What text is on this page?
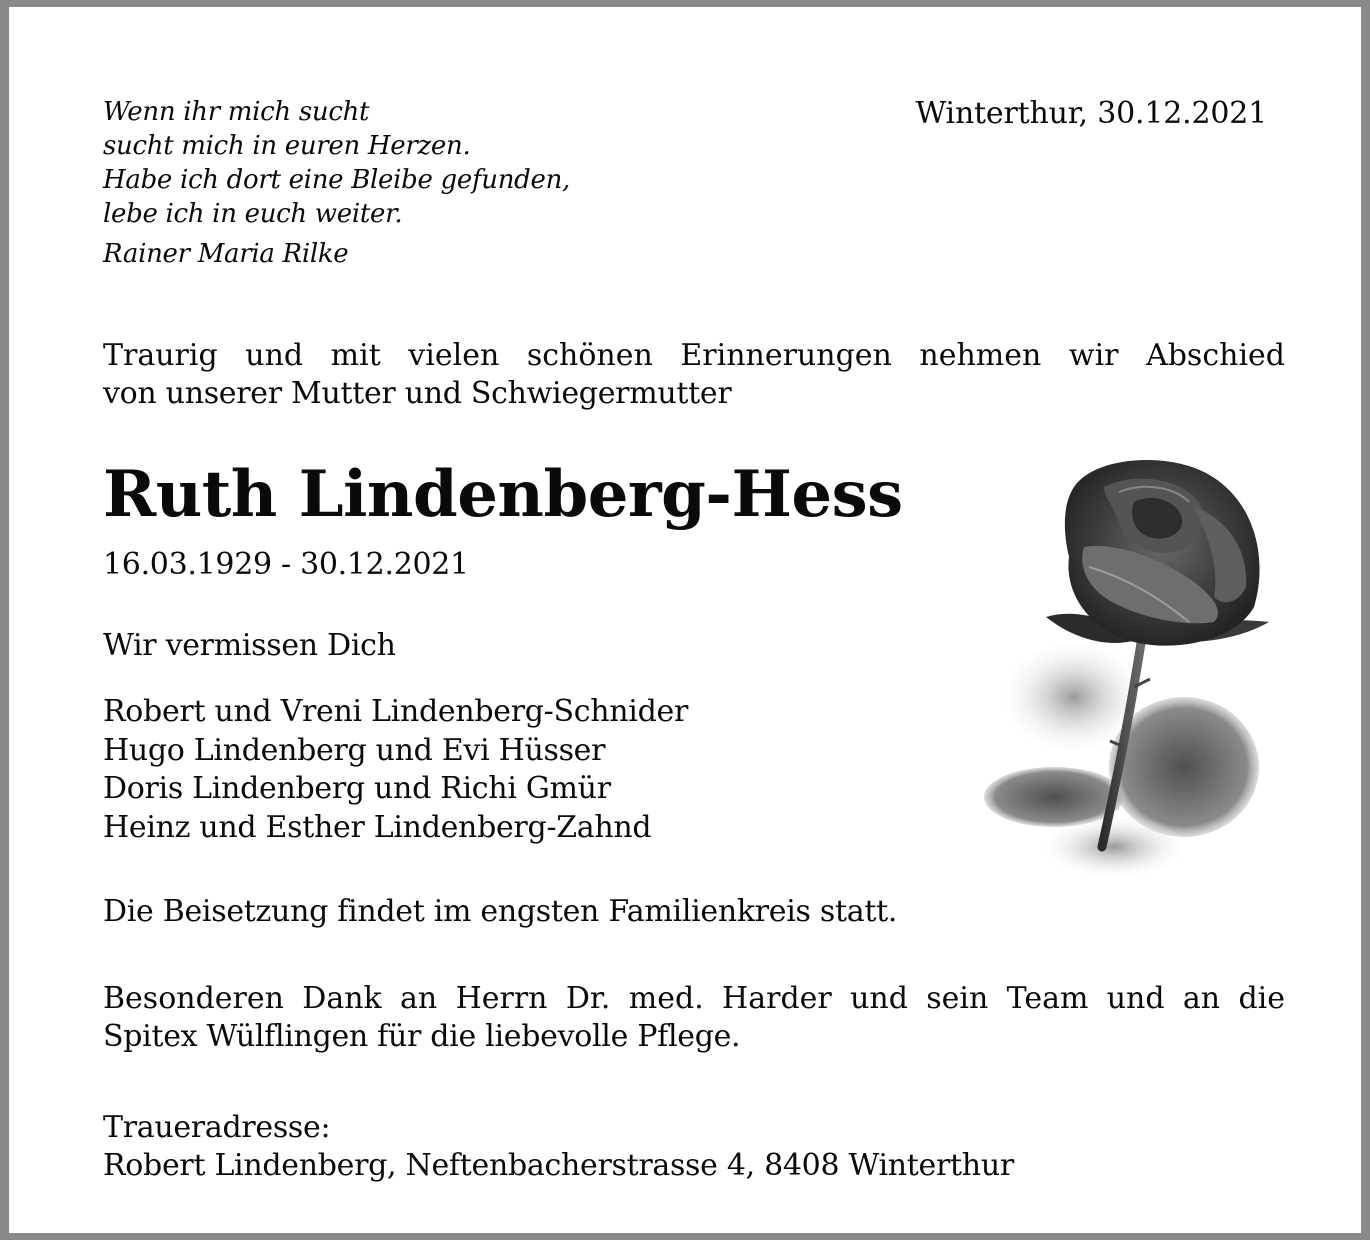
Wenn ihr mich sucht
sucht mich in euren Herzen.
Habe ich dort eine Bleibe gefunden,
lebe ich in euch weiter.
Rainer Maria Rilke
Winterthur, 30.12.2021
Traurig und mit vielen schönen Erinnerungen nehmen wir Abschied
von unserer Mutter und Schwiegermutter
Ruth Lindenberg-Hess
16.03.1929 - 30.12.2021
Wir vermissen Dich
Robert und Vreni Lindenberg-Schnider
Hugo Lindenberg und Evi Hüsser
Doris Lindenberg und Richi Gmür
Heinz und Esther Lindenberg-Zahnd
Die Beisetzung findet im engsten Familienkreis statt.
Besonderen Dank an Herrn Dr. med. Harder und sein Team und an die
Spitex Wülflingen für die liebevolle Pflege.
Traueradresse:
Robert Lindenberg, Neftenbacherstrasse 4, 8408 Winterthur
